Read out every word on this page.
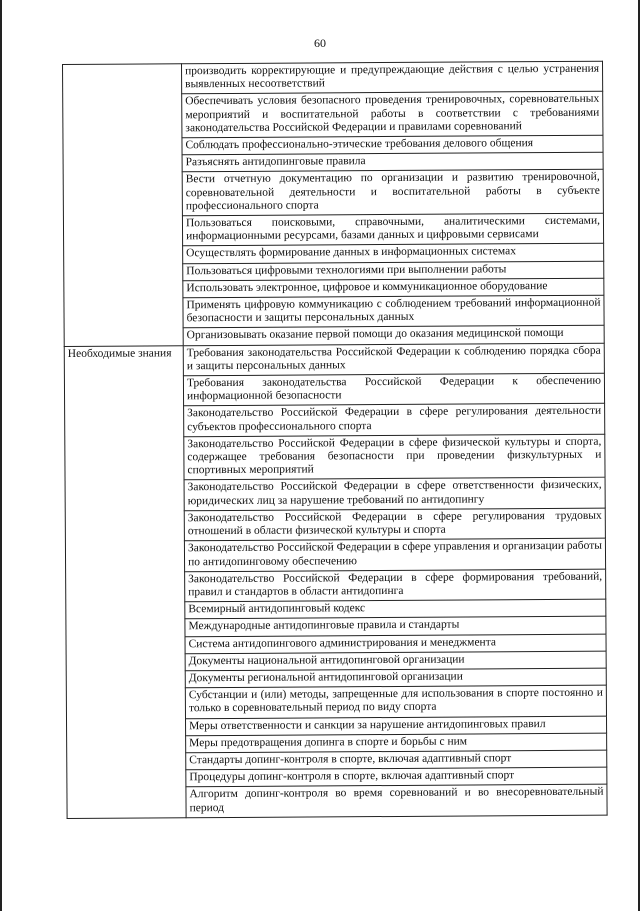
60
	производить корректирующие и предупреждающие действия с целью устранения выявленных несоответствий
	Обеспечивать условия безопасного проведения тренировочных, соревновательных мероприятий и воспитательной работы в соответствии с требованиями законодательства Российской Федерации и правилами соревнований
	Соблюдать профессионально-этические требования делового общения
	Разъяснять антидопинговые правила
	Вести отчетную документацию по организации и развитию тренировочной, соревновательной деятельности и воспитательной работы в субъекте профессионального спорта
	Пользоваться поисковыми, справочными, аналитическими системами, информационными ресурсами, базами данных и цифровыми сервисами
	Осуществлять формирование данных в информационных системах
	Пользоваться цифровыми технологиями при выполнении работы
	Использовать электронное, цифровое и коммуникационное оборудование
	Применять цифровую коммуникацию с соблюдением требований информационной безопасности и защиты персональных данных
	Организовывать оказание первой помощи до оказания медицинской помощи
Необходимые знания	Требования законодательства Российской Федерации к соблюдению порядка сбора и защиты персональных данных
	Требования законодательства Российской Федерации к обеспечению информационной безопасности
	Законодательство Российской Федерации в сфере регулирования деятельности субъектов профессионального спорта
	Законодательство Российской Федерации в сфере физической культуры и спорта, содержащее требования безопасности при проведении физкультурных и спортивных мероприятий
	Законодательство Российской Федерации в сфере ответственности физических, юридических лиц за нарушение требований по антидопингу
	Законодательство Российской Федерации в сфере регулирования трудовых отношений в области физической культуры и спорта
	Законодательство Российской Федерации в сфере управления и организации работы по антидопинговому обеспечению
	Законодательство Российской Федерации в сфере формирования требований, правил и стандартов в области антидопинга
	Всемирный антидопинговый кодекс
	Международные антидопинговые правила и стандарты
	Система антидопингового администрирования и менеджмента
	Документы национальной антидопинговой организации
	Документы региональной антидопинговой организации
	Субстанции и (или) методы, запрещенные для использования в спорте постоянно и только в соревновательный период по виду спорта
	Меры ответственности и санкции за нарушение антидопинговых правил
	Меры предотвращения допинга в спорте и борьбы с ним
	Стандарты допинг-контроля в спорте, включая адаптивный спорт
	Процедуры допинг-контроля в спорте, включая адаптивный спорт
	Алгоритм допинг-контроля во время соревнований и во внесоревновательный период
